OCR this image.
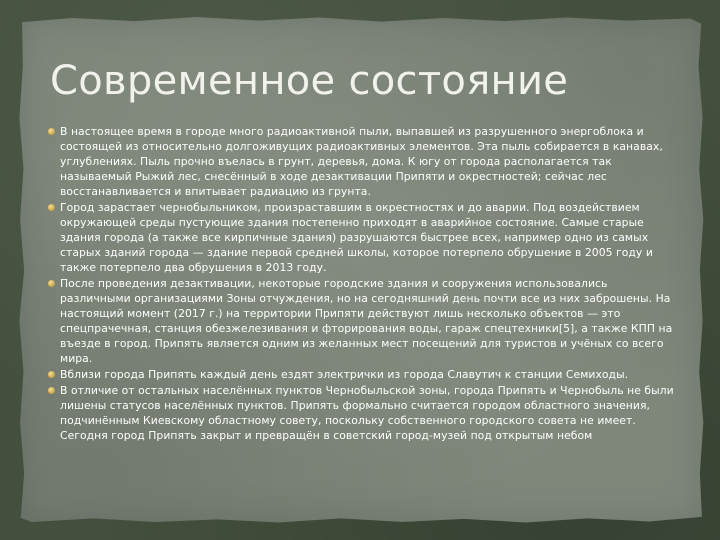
Современное состояние
В настоящее время в городе много радиоактивной пыли, выпавшей из разрушенного энергоблока и состоящей из относительно долгоживущих радиоактивных элементов. Эта пыль собирается в канавах, углублениях. Пыль прочно въелась в грунт, деревья, дома. К югу от города располагается так называемый Рыжий лес, снесённый в ходе дезактивации Припяти и окрестностей; сейчас лес восстанавливается и впитывает радиацию из грунта.
Город зарастает чернобыльником, произраставшим в окрестностях и до аварии. Под воздействием окружающей среды пустующие здания постепенно приходят в аварийное состояние. Самые старые здания города (а также все кирпичные здания) разрушаются быстрее всех, например одно из самых старых зданий города — здание первой средней школы, которое потерпело обрушение в 2005 году и также потерпело два обрушения в 2013 году.
После проведения дезактивации, некоторые городские здания и сооружения использовались различными организациями Зоны отчуждения, но на сегодняшний день почти все из них заброшены. На настоящий момент (2017 г.) на территории Припяти действуют лишь несколько объектов — это спецпрачечная, станция обезжелезивания и фторирования воды, гараж спецтехники[5], а также КПП на въезде в город. Припять является одним из желанных мест посещений для туристов и учёных со всего мира.
Вблизи города Припять каждый день ездят электрички из города Славутич к станции Семиходы.
В отличие от остальных населённых пунктов Чернобыльской зоны, города Припять и Чернобыль не были лишены статусов населённых пунктов. Припять формально считается городом областного значения, подчинённым Киевскому областному совету, поскольку собственного городского совета не имеет. Сегодня город Припять закрыт и превращён в советский город-музей под открытым небом
